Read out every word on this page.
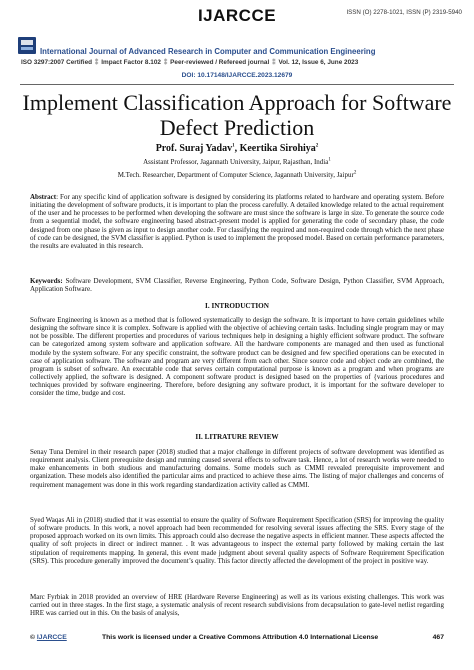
IJARCCE	ISSN (O) 2278-1021, ISSN (P) 2319-5940
International Journal of Advanced Research in Computer and Communication Engineering
ISO 3297:2007 Certified ⁑ Impact Factor 8.102 ⁑ Peer-reviewed / Refereed journal ⁑ Vol. 12, Issue 6, June 2023
DOI: 10.17148/IJARCCE.2023.12679
Implement Classification Approach for Software
Defect Prediction
Prof. Suraj Yadav$^1$, Keertika Sirohiya$^2$
Assistant Professor, Jagannath University, Jaipur, Rajasthan, India$^1$
M.Tech. Researcher, Department of Computer Science, Jagannath University, Jaipur$^2$
Abstract: For any specific kind of application software is designed by considering its platforms related to hardware and operating system. Before initiating the development of software products, it is important to plan the process carefully. A detailed knowledge related to the actual requirement of the user and he processes to be performed when developing the software are must since the software is large in size. To generate the source code from a sequential model, the software engineering based abstract-present model is applied for generating the code of secondary phase, the code designed from one phase is given as input to design another code. For classifying the required and non-required code through which the next phase of code can be designed, the SVM classifier is applied. Python is used to implement the proposed model. Based on certain performance parameters, the results are evaluated in this research.
Keywords: Software Development, SVM Classifier, Reverse Engineering, Python Code, Software Design, Python Classifier, SVM Approach, Application Software.
I. INTRODUCTION
Software Engineering is known as a method that is followed systematically to design the software. It is important to have certain guidelines while designing the software since it is complex. Software is applied with the objective of achieving certain tasks. Including single program may or may not be possible. The different properties and procedures of various techniques help in designing a highly efficient software product. The software can be categorized among system software and application software. All the hardware components are managed and then used as functional module by the system software. For any specific constraint, the software product can be designed and few specified operations can be executed in case of application software. The software and program are very different from each other. Since source code and object code are combined, the program is subset of software. An executable code that serves certain computational purpose is known as a program and when programs are collectively applied, the software is designed. A component software product is designed based on the properties of {various procedures and techniques provided by software engineering. Therefore, before designing any software product, it is important for the software developer to consider the time, budge and cost.
II. LITRATURE REVIEW
Senay Tuna Demirel in their research paper (2018) studied that a major challenge in different projects of software development was identified as requirement analysis. Client prerequisite design and running caused several effects to software task. Hence, a lot of research works were needed to make enhancements in both studious and manufacturing domains. Some models such as CMMI revealed prerequisite improvement and organization. These models also identified the particular aims and practiced to achieve these aims. The listing of major challenges and concerns of requirement management was done in this work regarding standardization activity called as CMMI.
Syed Waqas Ali in (2018) studied that it was essential to ensure the quality of Software Requirement Specification (SRS) for improving the quality of software products. In this work, a novel approach had been recommended for resolving several issues affecting the SRS. Every stage of the proposed approach worked on its own limits. This approach could also decrease the negative aspects in efficient manner. These aspects affected the quality of soft projects in direct or indirect manner. . It was advantageous to inspect the external party followed by making certain the last stipulation of requirements mapping. In general, this event made judgment about several quality aspects of Software Requirement Specification (SRS). This procedure generally improved the document’s quality. This factor directly affected the development of the project in positive way.
Marc Fyrbiak in 2018 provided an overview of HRE (Hardware Reverse Engineering) as well as its various existing challenges. This work was carried out in three stages. In the first stage, a systematic analysis of recent research subdivisions from decapsulation to gate-level netlist regarding HRE was carried out in this. On the basis of analysis,
© IJARCCE	This work is licensed under a Creative Commons Attribution 4.0 International License	467
